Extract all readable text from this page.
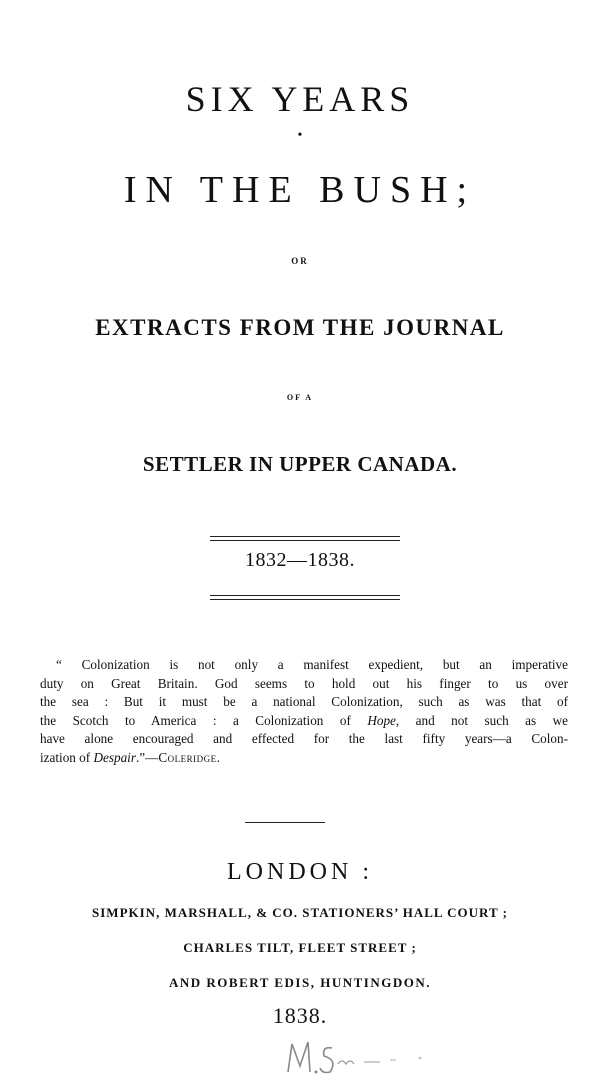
SIX YEARS
•
IN THE BUSH;
OR
EXTRACTS FROM THE JOURNAL
OF A
SETTLER IN UPPER CANADA.
1832—1838.
“ Colonization is not only a manifest expedient, but an imperative
duty on Great Britain. God seems to hold out his finger to us over
the sea : But it must be a national Colonization, such as was that of
the Scotch to America : a Colonization of Hope, and not such as we
have alone encouraged and effected for the last fifty years—a Colon-
ization of Despair.”—Coleridge.
LONDON :
SIMPKIN, MARSHALL, & CO. STATIONERS’ HALL COURT ;
CHARLES TILT, FLEET STREET ;
AND ROBERT EDIS, HUNTINGDON.
1838.
